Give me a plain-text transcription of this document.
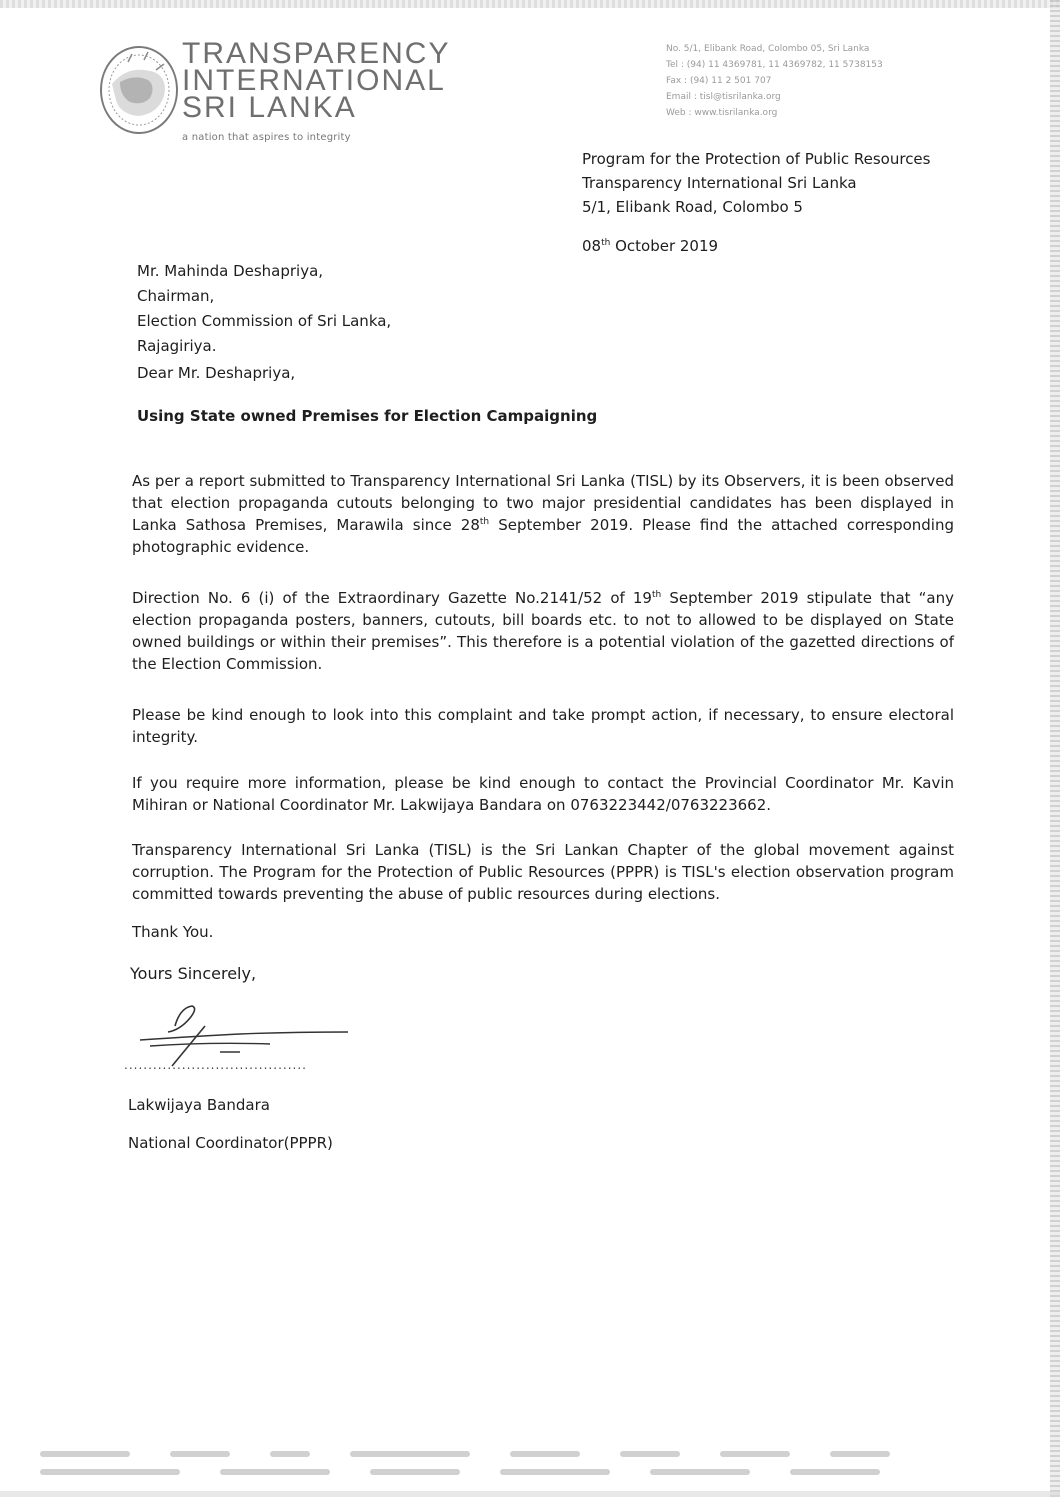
TRANSPARENCY
INTERNATIONAL
SRI LANKA
a nation that aspires to integrity
No. 5/1, Elibank Road, Colombo 05, Sri Lanka
Tel : (94) 11 4369781, 11 4369782, 11 5738153
Fax : (94) 11 2 501 707
Email : tisl@tisrilanka.org
Web : www.tisrilanka.org
Program for the Protection of Public Resources
Transparency International Sri Lanka
5/1, Elibank Road, Colombo 5
08th October 2019
Mr. Mahinda Deshapriya,
Chairman,
Election Commission of Sri Lanka,
Rajagiriya.
Dear Mr. Deshapriya,
Using State owned Premises for Election Campaigning

As per a report submitted to Transparency International Sri Lanka (TISL) by its Observers, it is been observed that election propaganda cutouts belonging to two major presidential candidates has been displayed in Lanka Sathosa Premises, Marawila since 28th September 2019. Please find the attached corresponding photographic evidence.

Direction No. 6 (i) of the Extraordinary Gazette No.2141/52 of 19th September 2019 stipulate that “any election propaganda posters, banners, cutouts, bill boards etc. to not to allowed to be displayed on State owned buildings or within their premises”. This therefore is a potential violation of the gazetted directions of the Election Commission.

Please be kind enough to look into this complaint and take prompt action, if necessary, to ensure electoral integrity.

If you require more information, please be kind enough to contact the Provincial Coordinator Mr. Kavin Mihiran or National Coordinator Mr. Lakwijaya Bandara on 0763223442/0763223662.

Transparency International Sri Lanka (TISL) is the Sri Lankan Chapter of the global movement against corruption. The Program for the Protection of Public Resources (PPPR) is TISL's election observation program committed towards preventing the abuse of public resources during elections.

Thank You.
Yours Sincerely,
......................................
Lakwijaya Bandara
National Coordinator(PPPR)
